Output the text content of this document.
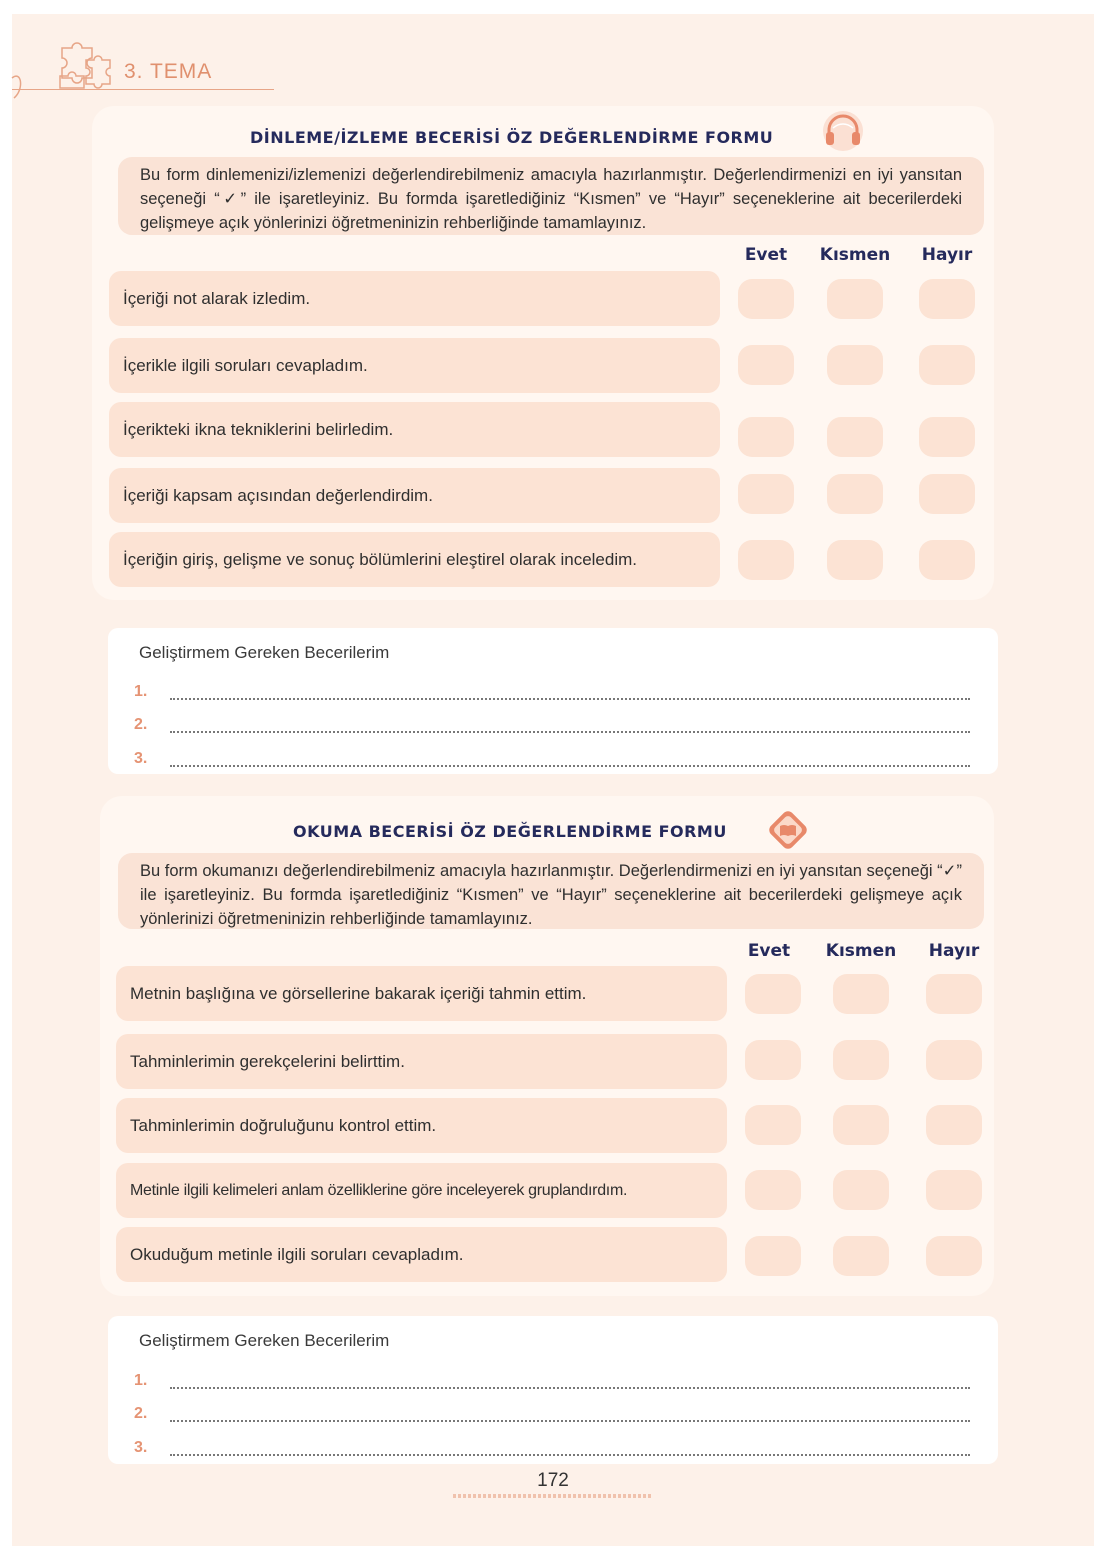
3. TEMA
DİNLEME/İZLEME BECERİSİ ÖZ DEĞERLENDİRME FORMU
Bu form dinlemenizi/izlemenizi değerlendirebilmeniz amacıyla hazırlanmıştır. Değerlendirmenizi en iyi yansıtan seçeneği “✓” ile işaretleyiniz. Bu formda işaretlediğiniz “Kısmen” ve “Hayır” seçeneklerine ait becerilerdeki gelişmeye açık yönlerinizi öğretmeninizin rehberliğinde tamamlayınız.
Evet	Kısmen	Hayır
İçeriği not alarak izledim.
İçerikle ilgili soruları cevapladım.
İçerikteki ikna tekniklerini belirledim.
İçeriği kapsam açısından değerlendirdim.
İçeriğin giriş, gelişme ve sonuç bölümlerini eleştirel olarak inceledim.
Geliştirmem Gereken Becerilerim
1.
2.
3.
OKUMA BECERİSİ ÖZ DEĞERLENDİRME FORMU
Bu form okumanızı değerlendirebilmeniz amacıyla hazırlanmıştır. Değerlendirmenizi en iyi yansıtan seçeneği “✓” ile işaretleyiniz. Bu formda işaretlediğiniz “Kısmen” ve “Hayır” seçeneklerine ait becerilerdeki gelişmeye açık yönlerinizi öğretmeninizin rehberliğinde tamamlayınız.
Evet	Kısmen	Hayır
Metnin başlığına ve görsellerine bakarak içeriği tahmin ettim.
Tahminlerimin gerekçelerini belirttim.
Tahminlerimin doğruluğunu kontrol ettim.
Metinle ilgili kelimeleri anlam özelliklerine göre inceleyerek gruplandırdım.
Okuduğum metinle ilgili soruları cevapladım.
Geliştirmem Gereken Becerilerim
1.
2.
3.
172
